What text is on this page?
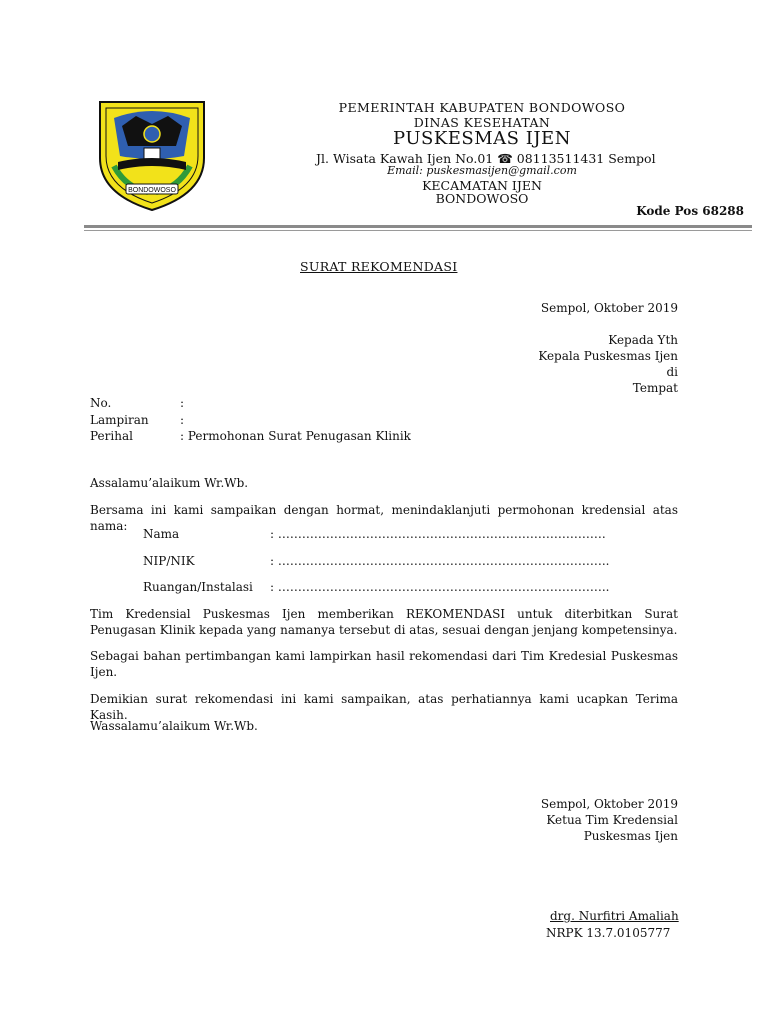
BONDOWOSO
PEMERINTAH KABUPATEN BONDOWOSO
DINAS KESEHATAN
PUSKESMAS IJEN
Jl. Wisata Kawah Ijen No.01 ☎ 08113511431 Sempol
Email: puskesmasijen@gmail.com
KECAMATAN IJEN
BONDOWOSO
Kode Pos 68288
SURAT REKOMENDASI
Sempol, Oktober 2019
Kepada Yth
Kepala Puskesmas Ijen
di
Tempat
No.	:
Lampiran	:
Perihal	: Permohonan Surat Penugasan Klinik
Assalamu’alaikum Wr.Wb.
Bersama ini kami sampaikan dengan hormat, menindaklanjuti permohonan kredensial atas nama:
Nama	: ……………………………………………………………………….
NIP/NIK	: ………………………………………………………………………..
Ruangan/Instalasi : ………………………………………………………………………..
Tim Kredensial Puskesmas Ijen memberikan REKOMENDASI untuk diterbitkan Surat Penugasan Klinik kepada yang namanya tersebut di atas, sesuai dengan jenjang kompetensinya.
Sebagai bahan pertimbangan kami lampirkan hasil rekomendasi dari Tim Kredesial Puskesmas Ijen.
Demikian surat rekomendasi ini kami sampaikan, atas perhatiannya kami ucapkan Terima Kasih.
Wassalamu’alaikum Wr.Wb.
Sempol, Oktober 2019
Ketua Tim Kredensial
Puskesmas Ijen
drg. Nurfitri Amaliah
NRPK 13.7.0105777
